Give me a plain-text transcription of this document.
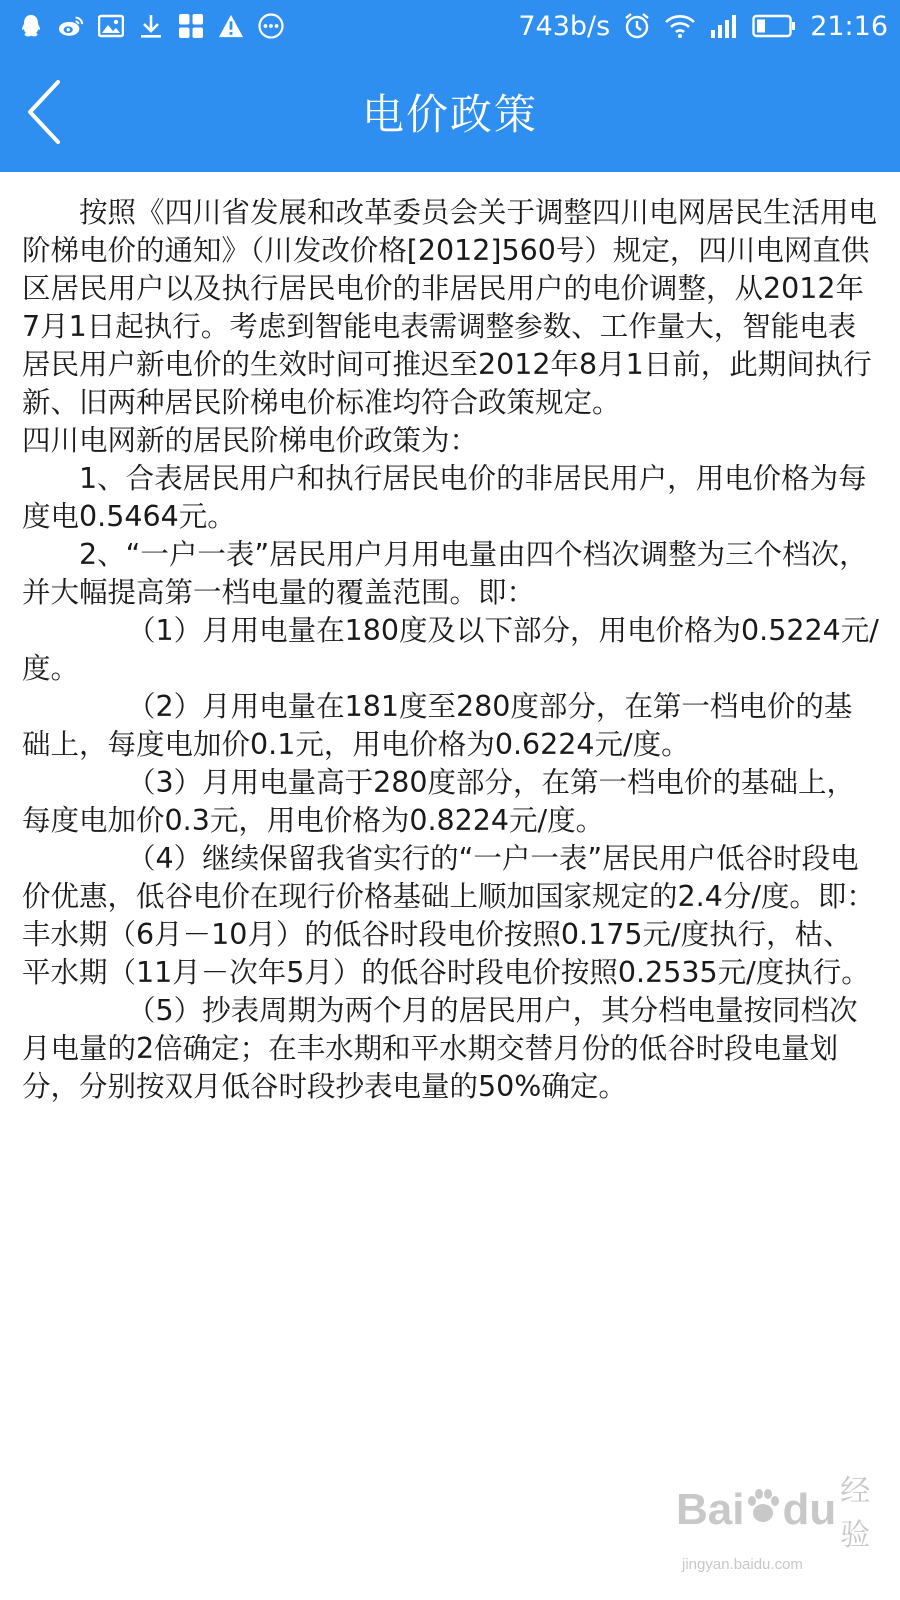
743b/s	21:16
电价政策

按照《四川省发展和改革委员会关于调整四川电网居民生活用电阶梯电价的通知》（川发改价格[2012]560号）规定，四川电网直供区居民用户以及执行居民电价的非居民用户的电价调整，从2012年7月1日起执行。考虑到智能电表需调整参数、工作量大，智能电表居民用户新电价的生效时间可推迟至2012年8月1日前，此期间执行新、旧两种居民阶梯电价标准均符合政策规定。

四川电网新的居民阶梯电价政策为：

1、合表居民用户和执行居民电价的非居民用户，用电价格为每度电0.5464元。

2、“一户一表”居民用户月用电量由四个档次调整为三个档次，并大幅提高第一档电量的覆盖范围。即：

（1）月用电量在180度及以下部分，用电价格为0.5224元/度。

（2）月用电量在181度至280度部分，在第一档电价的基础上，每度电加价0.1元，用电价格为0.6224元/度。

（3）月用电量高于280度部分，在第一档电价的基础上，每度电加价0.3元，用电价格为0.8224元/度。

（4）继续保留我省实行的“一户一表”居民用户低谷时段电价优惠，低谷电价在现行价格基础上顺加国家规定的2.4分/度。即：丰水期（6月－10月）的低谷时段电价按照0.175元/度执行，枯、平水期（11月－次年5月）的低谷时段电价按照0.2535元/度执行。

（5）抄表周期为两个月的居民用户，其分档电量按同档次月电量的2倍确定；在丰水期和平水期交替月份的低谷时段电量划分，分别按双月低谷时段抄表电量的50%确定。

Bai du 经验
jingyan.baidu.com
